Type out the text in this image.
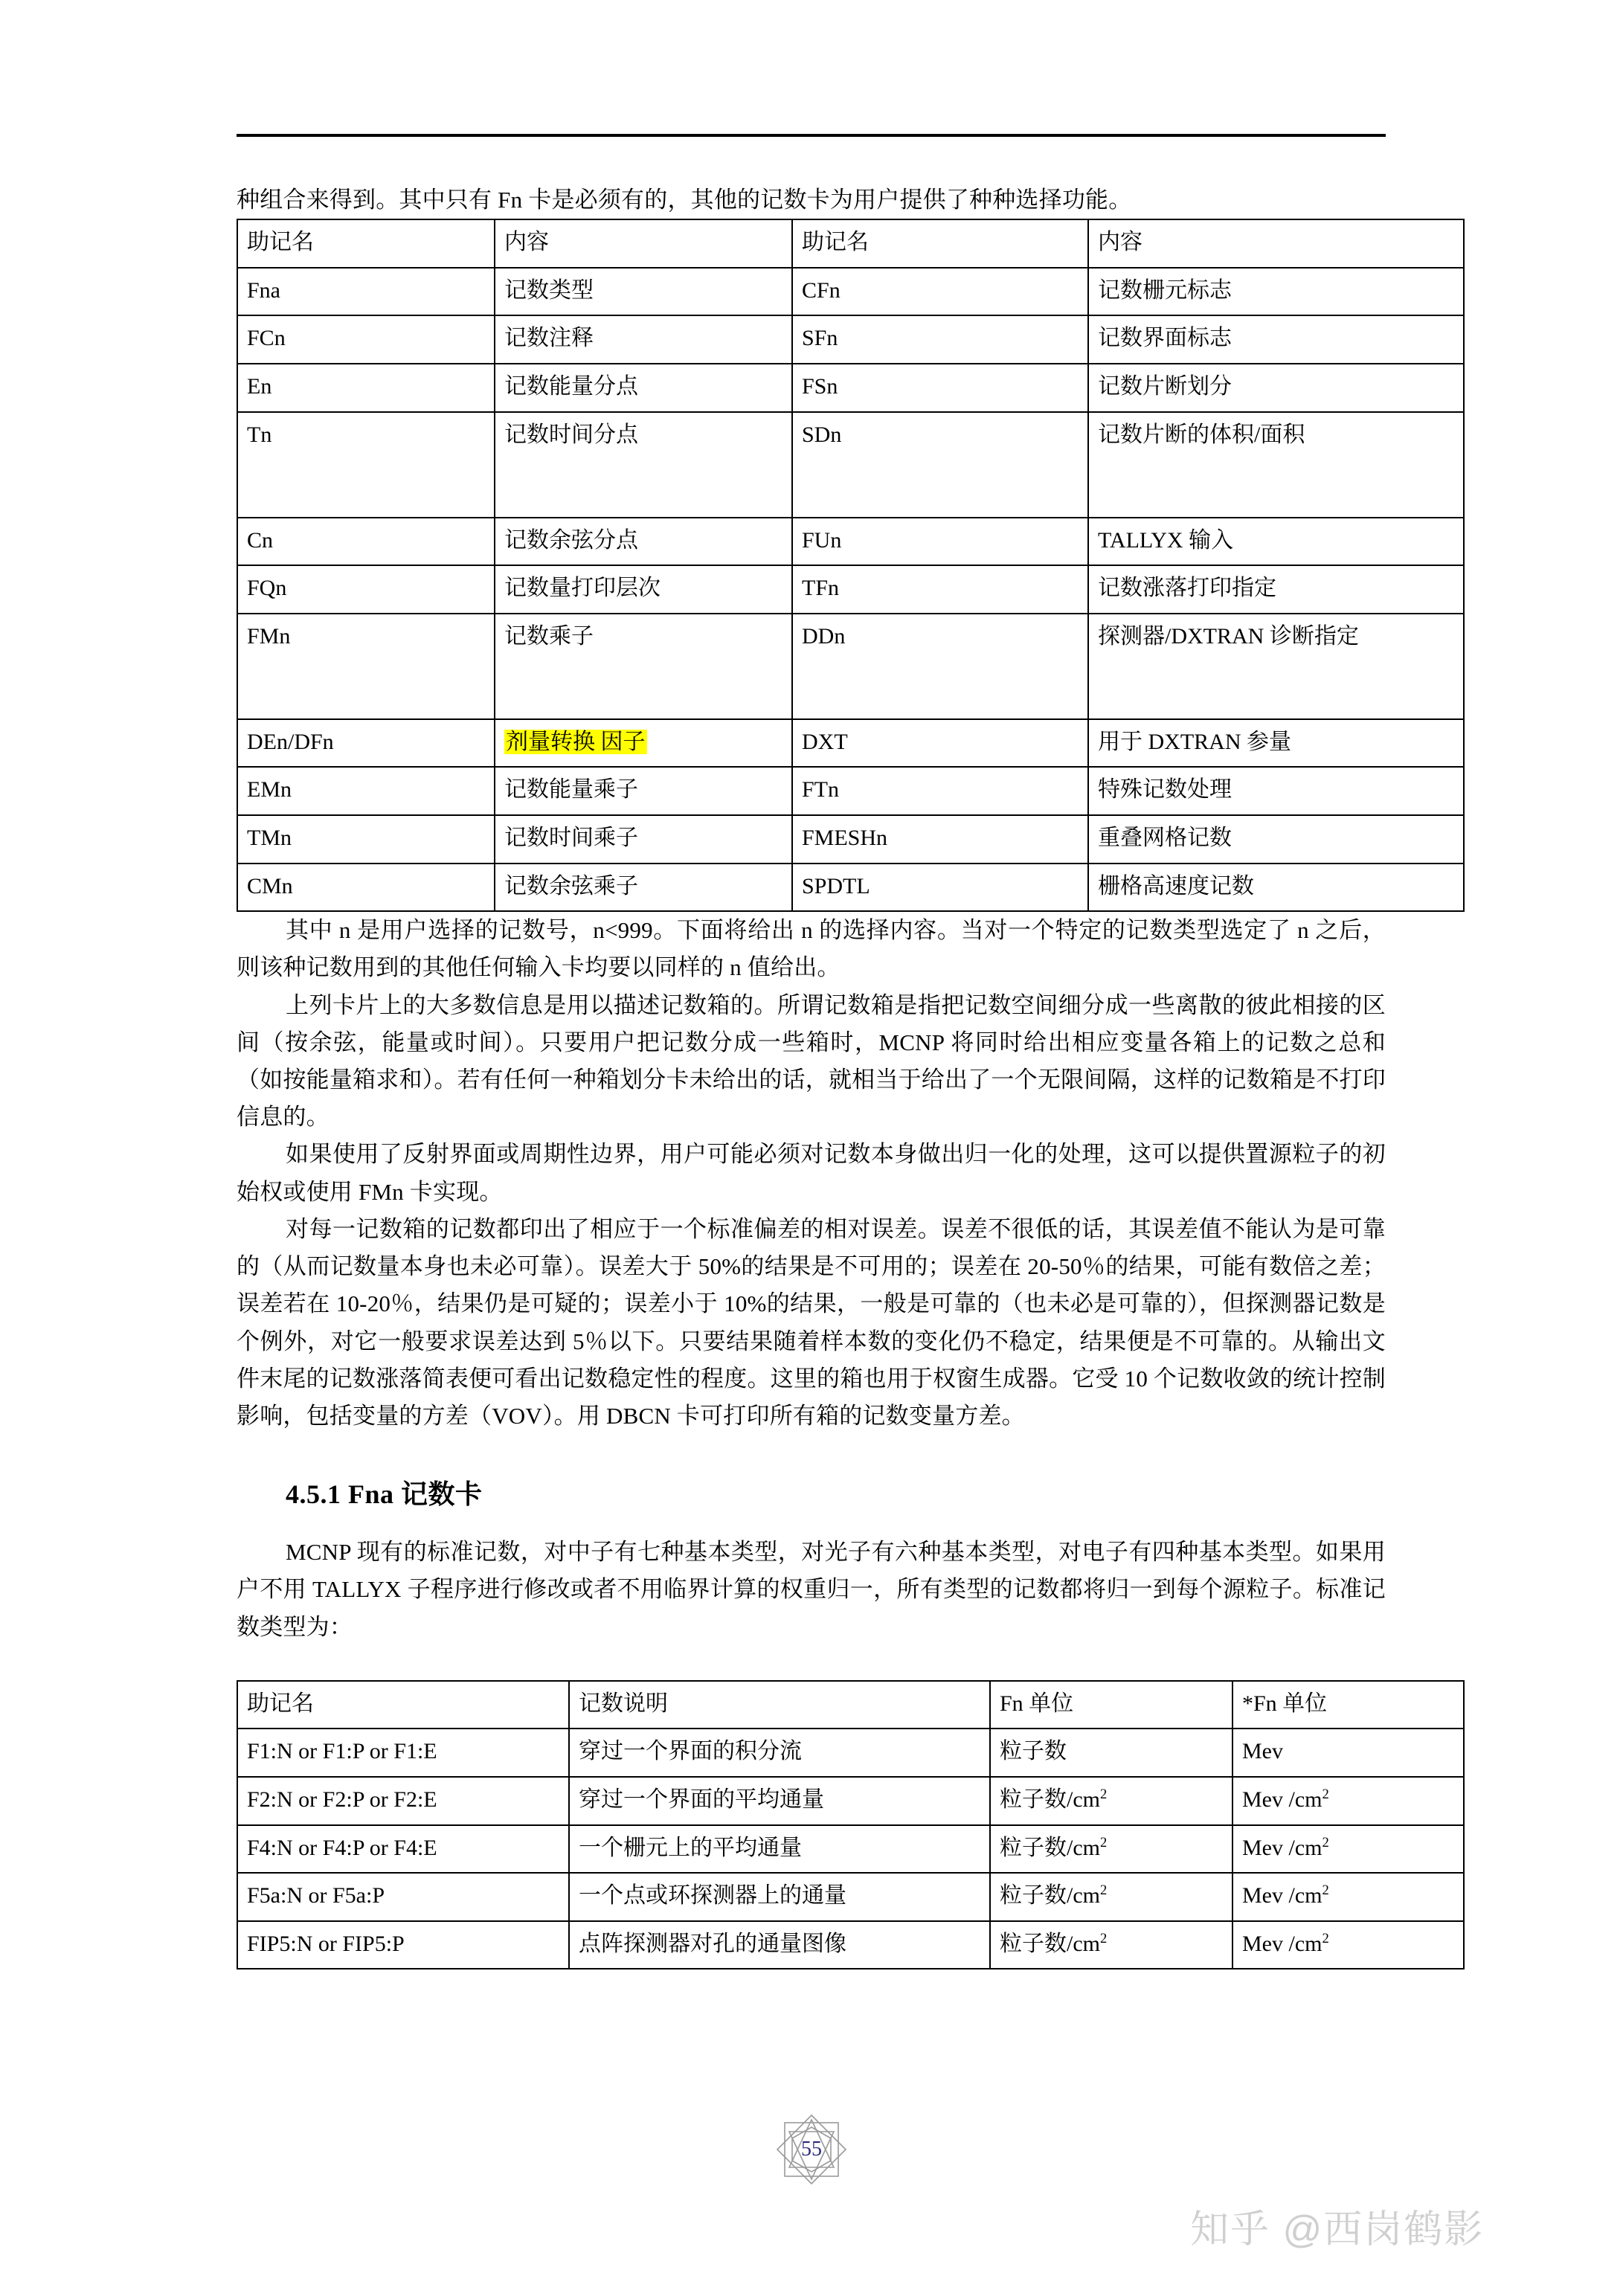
种组合来得到。其中只有 Fn 卡是必须有的，其他的记数卡为用户提供了种种选择功能。

助记名	内容	助记名	内容
Fna	记数类型	CFn	记数栅元标志
FCn	记数注释	SFn	记数界面标志
En	记数能量分点	FSn	记数片断划分
Tn	记数时间分点	SDn	记数片断的体积/面积
Cn	记数余弦分点	FUn	TALLYX 输入
FQn	记数量打印层次	TFn	记数涨落打印指定
FMn	记数乘子	DDn	探测器/DXTRAN 诊断指定
DEn/DFn	剂量转换 因子	DXT	用于 DXTRAN 参量
EMn	记数能量乘子	FTn	特殊记数处理
TMn	记数时间乘子	FMESHn	重叠网格记数
CMn	记数余弦乘子	SPDTL	栅格高速度记数

其中 n 是用户选择的记数号，n<999。下面将给出 n 的选择内容。当对一个特定的记数类型选定了 n 之后，则该种记数用到的其他任何输入卡均要以同样的 n 值给出。

上列卡片上的大多数信息是用以描述记数箱的。所谓记数箱是指把记数空间细分成一些离散的彼此相接的区间（按余弦，能量或时间）。只要用户把记数分成一些箱时，MCNP 将同时给出相应变量各箱上的记数之总和（如按能量箱求和）。若有任何一种箱划分卡未给出的话，就相当于给出了一个无限间隔，这样的记数箱是不打印信息的。

如果使用了反射界面或周期性边界，用户可能必须对记数本身做出归一化的处理，这可以提供置源粒子的初始权或使用 FMn 卡实现。

对每一记数箱的记数都印出了相应于一个标准偏差的相对误差。误差不很低的话，其误差值不能认为是可靠的（从而记数量本身也未必可靠）。误差大于 50%的结果是不可用的；误差在 20-50％的结果，可能有数倍之差；误差若在 10-20％，结果仍是可疑的；误差小于 10%的结果，一般是可靠的（也未必是可靠的），但探测器记数是个例外，对它一般要求误差达到 5％以下。只要结果随着样本数的变化仍不稳定，结果便是不可靠的。从输出文件末尾的记数涨落简表便可看出记数稳定性的程度。这里的箱也用于权窗生成器。它受 10 个记数收敛的统计控制影响，包括变量的方差（VOV）。用 DBCN 卡可打印所有箱的记数变量方差。

4.5.1 Fna 记数卡

MCNP 现有的标准记数，对中子有七种基本类型，对光子有六种基本类型，对电子有四种基本类型。如果用户不用 TALLYX 子程序进行修改或者不用临界计算的权重归一，所有类型的记数都将归一到每个源粒子。标准记数类型为：

助记名	记数说明	Fn 单位	*Fn 单位
F1:N or F1:P or F1:E	穿过一个界面的积分流	粒子数	Mev
F2:N or F2:P or F2:E	穿过一个界面的平均通量	粒子数$/cm^2$	Mev $/cm^2$
F4:N or F4:P or F4:E	一个栅元上的平均通量	粒子数$/cm^2$	Mev $/cm^2$
F5a:N or F5a:P	一个点或环探测器上的通量	粒子数$/cm^2$	Mev $/cm^2$
FIP5:N or FIP5:P	点阵探测器对孔的通量图像	粒子数$/cm^2$	Mev $/cm^2$
55
知乎 @西岗鹤影
